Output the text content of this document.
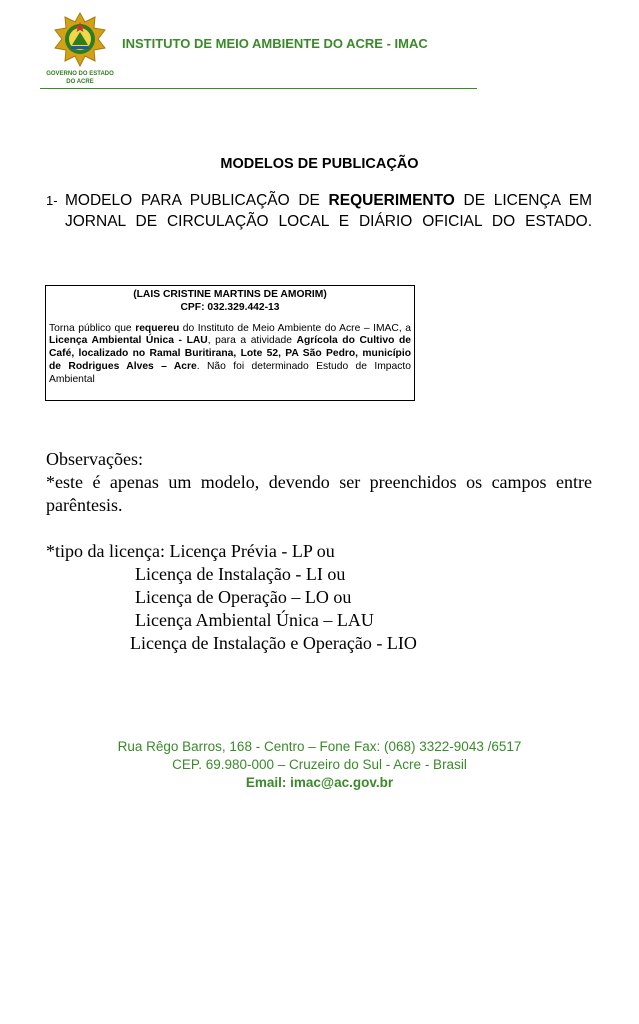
GOVERNO DO ESTADO
DO ACRE
INSTITUTO DE MEIO AMBIENTE DO ACRE - IMAC
MODELOS DE PUBLICAÇÃO
1- MODELO PARA PUBLICAÇÃO DE REQUERIMENTO DE LICENÇA EM JORNAL DE CIRCULAÇÃO LOCAL E DIÁRIO OFICIAL DO ESTADO.
(LAIS CRISTINE MARTINS DE AMORIM)
CPF: 032.329.442-13
Torna público que requereu do Instituto de Meio Ambiente do Acre – IMAC, a Licença Ambiental Única - LAU, para a atividade Agrícola do Cultivo de Café, localizado no Ramal Buritirana, Lote 52, PA São Pedro, município de Rodrigues Alves – Acre. Não foi determinado Estudo de Impacto Ambiental
Observações:
*este é apenas um modelo, devendo ser preenchidos os campos entre parêntesis.
*tipo da licença: Licença Prévia - LP ou
Licença de Instalação - LI ou
Licença de Operação – LO ou
Licença Ambiental Única – LAU
Licença de Instalação e Operação - LIO
Rua Rêgo Barros, 168 - Centro – Fone Fax: (068) 3322-9043 /6517
CEP. 69.980-000 – Cruzeiro do Sul - Acre - Brasil
Email: imac@ac.gov.br
